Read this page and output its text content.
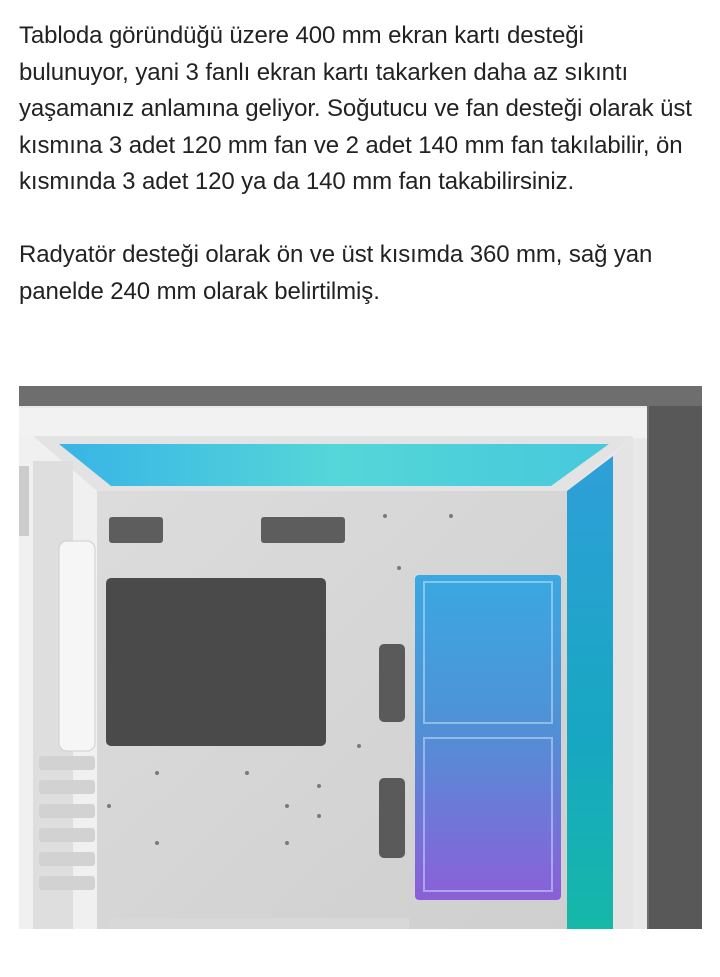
Tabloda göründüğü üzere 400 mm ekran kartı desteği bulunuyor, yani 3 fanlı ekran kartı takarken daha az sıkıntı yaşamanız anlamına geliyor. Soğutucu ve fan desteği olarak üst kısmına 3 adet 120 mm fan ve 2 adet 140 mm fan takılabilir, ön kısmında 3 adet 120 ya da 140 mm fan takabilirsiniz.

Radyatör desteği olarak ön ve üst kısımda 360 mm, sağ yan panelde 240 mm olarak belirtilmiş.
